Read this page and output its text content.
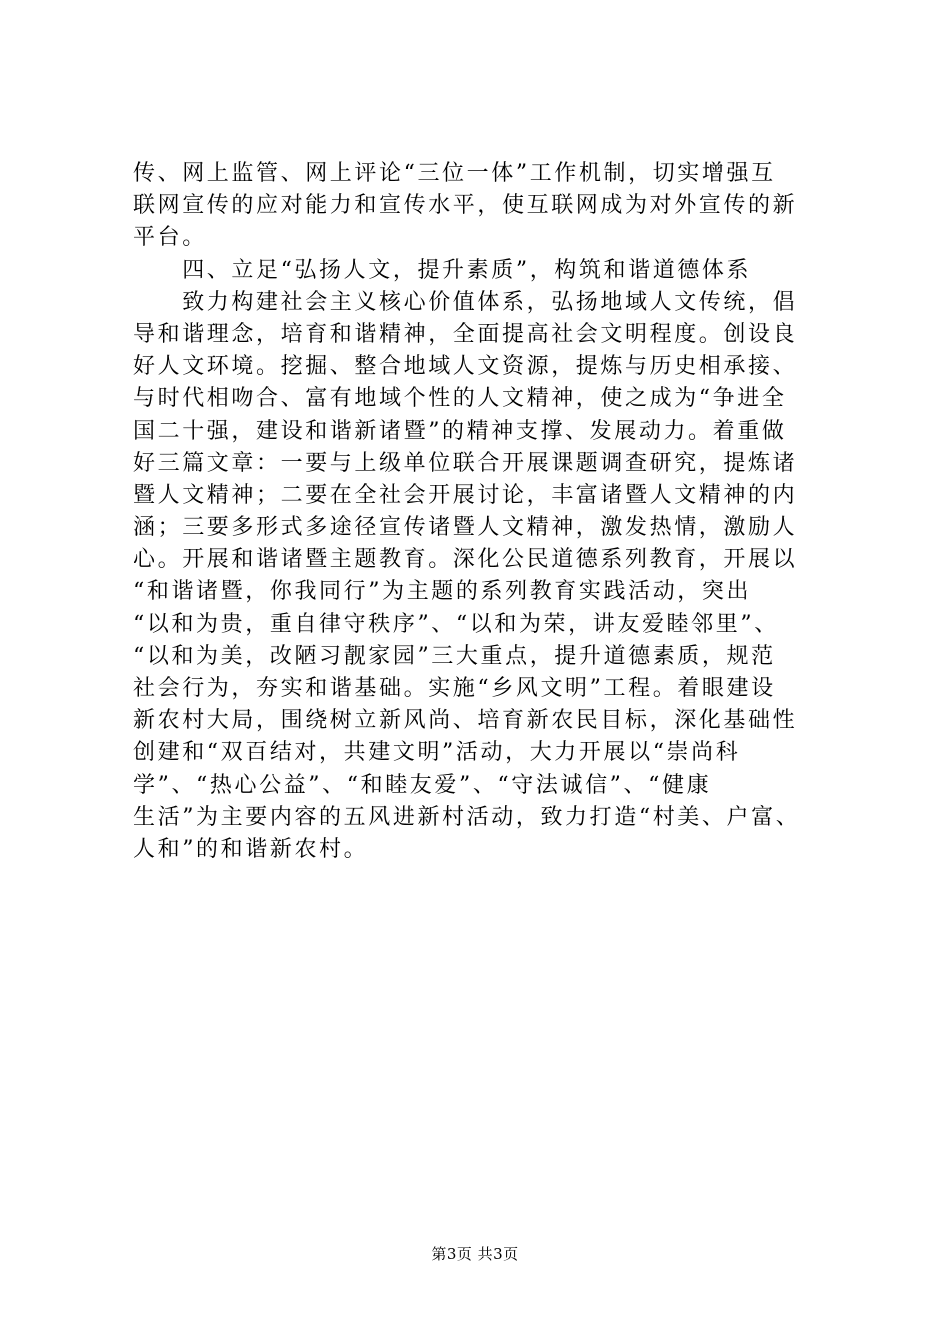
传、网上监管、网上评论“三位一体”工作机制，切实增强互
联网宣传的应对能力和宣传水平，使互联网成为对外宣传的新
平台。
　　四、立足“弘扬人文，提升素质”，构筑和谐道德体系
　　致力构建社会主义核心价值体系，弘扬地域人文传统，倡
导和谐理念，培育和谐精神，全面提高社会文明程度。创设良
好人文环境。挖掘、整合地域人文资源，提炼与历史相承接、
与时代相吻合、富有地域个性的人文精神，使之成为“争进全
国二十强，建设和谐新诸暨”的精神支撑、发展动力。着重做
好三篇文章：一要与上级单位联合开展课题调查研究，提炼诸
暨人文精神；二要在全社会开展讨论，丰富诸暨人文精神的内
涵；三要多形式多途径宣传诸暨人文精神，激发热情，激励人
心。开展和谐诸暨主题教育。深化公民道德系列教育，开展以
“和谐诸暨，你我同行”为主题的系列教育实践活动，突出
“以和为贵，重自律守秩序”、“以和为荣，讲友爱睦邻里”、
“以和为美，改陋习靓家园”三大重点，提升道德素质，规范
社会行为，夯实和谐基础。实施“乡风文明”工程。着眼建设
新农村大局，围绕树立新风尚、培育新农民目标，深化基础性
创建和“双百结对，共建文明”活动，大力开展以“崇尚科
学”、“热心公益”、“和睦友爱”、“守法诚信”、“健康
生活”为主要内容的五风进新村活动，致力打造“村美、户富、
人和”的和谐新农村。
第3页 共3页
